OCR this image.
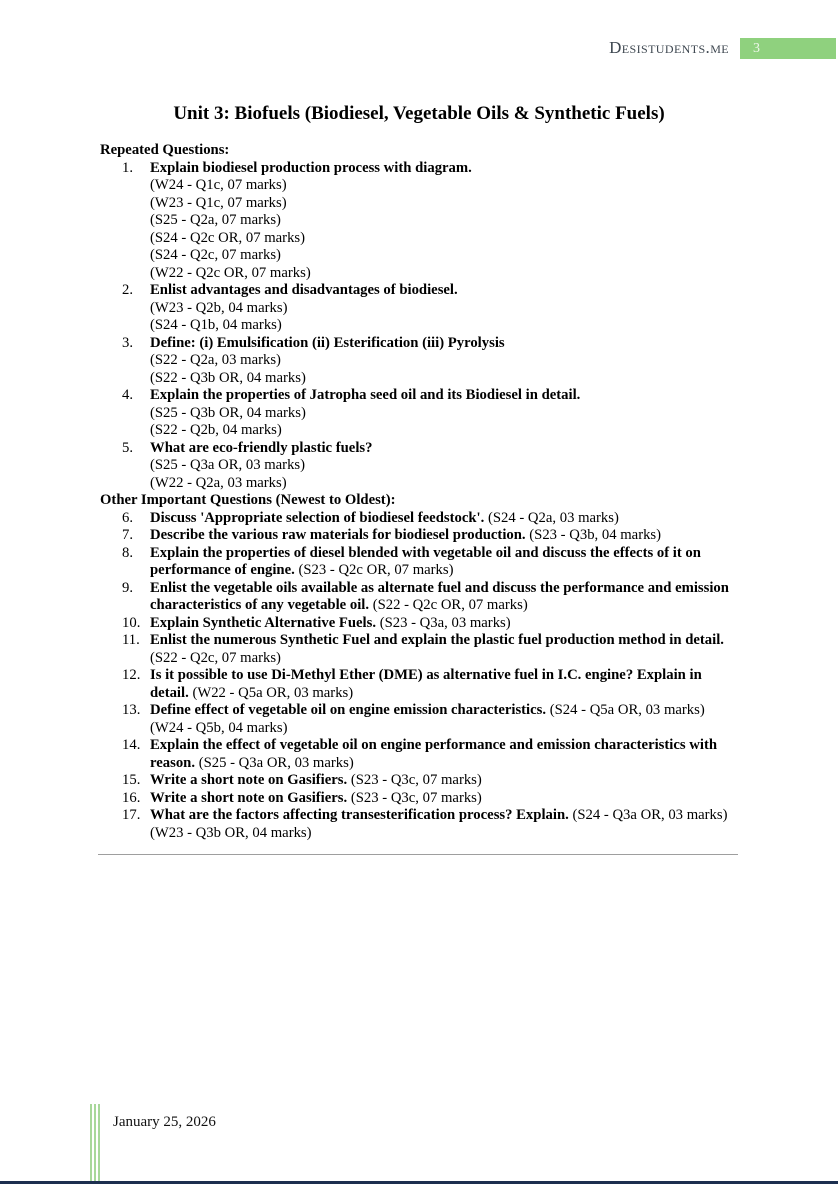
Desistudents.me	3
Unit 3: Biofuels (Biodiesel, Vegetable Oils & Synthetic Fuels)
Repeated Questions:
1.	Explain biodiesel production process with diagram.
(W24 - Q1c, 07 marks)
(W23 - Q1c, 07 marks)
(S25 - Q2a, 07 marks)
(S24 - Q2c OR, 07 marks)
(S24 - Q2c, 07 marks)
(W22 - Q2c OR, 07 marks)
2.	Enlist advantages and disadvantages of biodiesel.
(W23 - Q2b, 04 marks)
(S24 - Q1b, 04 marks)
3.	Define: (i) Emulsification (ii) Esterification (iii) Pyrolysis
(S22 - Q2a, 03 marks)
(S22 - Q3b OR, 04 marks)
4.	Explain the properties of Jatropha seed oil and its Biodiesel in detail.
(S25 - Q3b OR, 04 marks)
(S22 - Q2b, 04 marks)
5.	What are eco-friendly plastic fuels?
(S25 - Q3a OR, 03 marks)
(W22 - Q2a, 03 marks)
Other Important Questions (Newest to Oldest):
6.	Discuss 'Appropriate selection of biodiesel feedstock'. (S24 - Q2a, 03 marks)
7.	Describe the various raw materials for biodiesel production. (S23 - Q3b, 04 marks)
8.	Explain the properties of diesel blended with vegetable oil and discuss the effects of it on performance of engine. (S23 - Q2c OR, 07 marks)
9.	Enlist the vegetable oils available as alternate fuel and discuss the performance and emission characteristics of any vegetable oil. (S22 - Q2c OR, 07 marks)
10. Explain Synthetic Alternative Fuels. (S23 - Q3a, 03 marks)
11. Enlist the numerous Synthetic Fuel and explain the plastic fuel production method in detail. (S22 - Q2c, 07 marks)
12. Is it possible to use Di-Methyl Ether (DME) as alternative fuel in I.C. engine? Explain in detail. (W22 - Q5a OR, 03 marks)
13. Define effect of vegetable oil on engine emission characteristics. (S24 - Q5a OR, 03 marks) (W24 - Q5b, 04 marks)
14. Explain the effect of vegetable oil on engine performance and emission characteristics with reason. (S25 - Q3a OR, 03 marks)
15. Write a short note on Gasifiers. (S23 - Q3c, 07 marks)
16. Write a short note on Gasifiers. (S23 - Q3c, 07 marks)
17. What are the factors affecting transesterification process? Explain. (S24 - Q3a OR, 03 marks) (W23 - Q3b OR, 04 marks)
January 25, 2026
